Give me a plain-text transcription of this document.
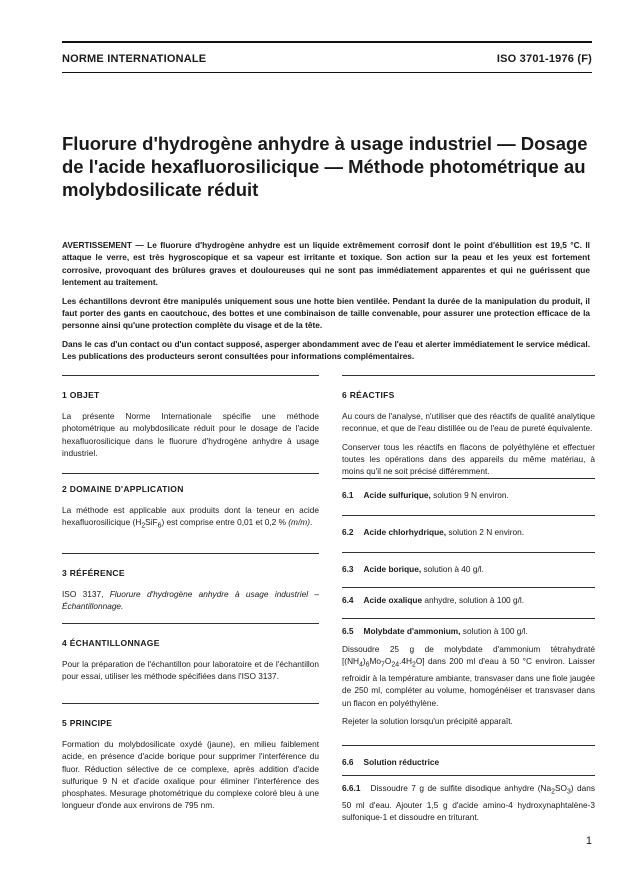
NORME INTERNATIONALE	ISO 3701-1976 (F)
Fluorure d'hydrogène anhydre à usage industriel — Dosage de l'acide hexafluorosilicique — Méthode photométrique au molybdosilicate réduit

AVERTISSEMENT — Le fluorure d'hydrogène anhydre est un liquide extrêmement corrosif dont le point d'ébullition est 19,5 °C. Il attaque le verre, est très hygroscopique et sa vapeur est irritante et toxique. Son action sur la peau et les yeux est fortement corrosive, provoquant des brûlures graves et douloureuses qui ne sont pas immédiatement apparentes et qui ne guérissent que lentement au traitement.

Les échantillons devront être manipulés uniquement sous une hotte bien ventilée. Pendant la durée de la manipulation du produit, il faut porter des gants en caoutchouc, des bottes et une combinaison de taille convenable, pour assurer une protection efficace de la personne ainsi qu'une protection complète du visage et de la tête.

Dans le cas d'un contact ou d'un contact supposé, asperger abondamment avec de l'eau et alerter immédiatement le service médical. Les publications des producteurs seront consultées pour informations complémentaires.

1 OBJET

La présente Norme Internationale spécifie une méthode photométrique au molybdosilicate réduit pour le dosage de l'acide hexafluorosilicique dans le fluorure d'hydrogène anhydre à usage industriel.

2 DOMAINE D'APPLICATION

La méthode est applicable aux produits dont la teneur en acide hexafluorosilicique $(H_2SiF_6)$ est comprise entre 0,01 et 0,2 % (m/m).

3 RÉFÉRENCE

ISO 3137, Fluorure d'hydrogène anhydre à usage industriel – Échantillonnage.

4 ÉCHANTILLONNAGE

Pour la préparation de l'échantillon pour laboratoire et de l'échantillon pour essai, utiliser les méthode spécifiées dans l'ISO 3137.

5 PRINCIPE

Formation du molybdosilicate oxydé (jaune), en milieu faiblement acide, en présence d'acide borique pour supprimer l'interférence du fluor. Réduction sélective de ce complexe, après addition d'acide sulfurique 9 N et d'acide oxalique pour éliminer l'interférence des phosphates. Mesurage photométrique du complexe coloré bleu à une longueur d'onde aux environs de 795 nm.

6 RÉACTIFS

Au cours de l'analyse, n'utiliser que des réactifs de qualité analytique reconnue, et que de l'eau distillée ou de l'eau de pureté équivalente.

Conserver tous les réactifs en flacons de polyéthylène et effectuer toutes les opérations dans des appareils du même matériau, à moins qu'il ne soit précisé différemment.

6.1 Acide sulfurique, solution 9 N environ.
6.2 Acide chlorhydrique, solution 2 N environ.
6.3 Acide borique, solution à 40 g/l.
6.4 Acide oxalique anhydre, solution à 100 g/l.
6.5 Molybdate d'ammonium, solution à 100 g/l.

Dissoudre 25 g de molybdate d'ammonium tétrahydraté $[(NH_4)_6Mo_7O_{24}.4H_2O]$ dans 200 ml d'eau à 50 °C environ. Laisser refroidir à la température ambiante, transvaser dans une fiole jaugée de 250 ml, compléter au volume, homogénéiser et transvaser dans un flacon en polyéthylène.

Rejeter la solution lorsqu'un précipité apparaît.

6.6 Solution réductrice

6.6.1 Dissoudre 7 g de sulfite disodique anhydre $(Na_2SO_3)$ dans 50 ml d'eau. Ajouter 1,5 g d'acide amino-4 hydroxynaphtalène-3 sulfonique-1 et dissoudre en triturant.

1
